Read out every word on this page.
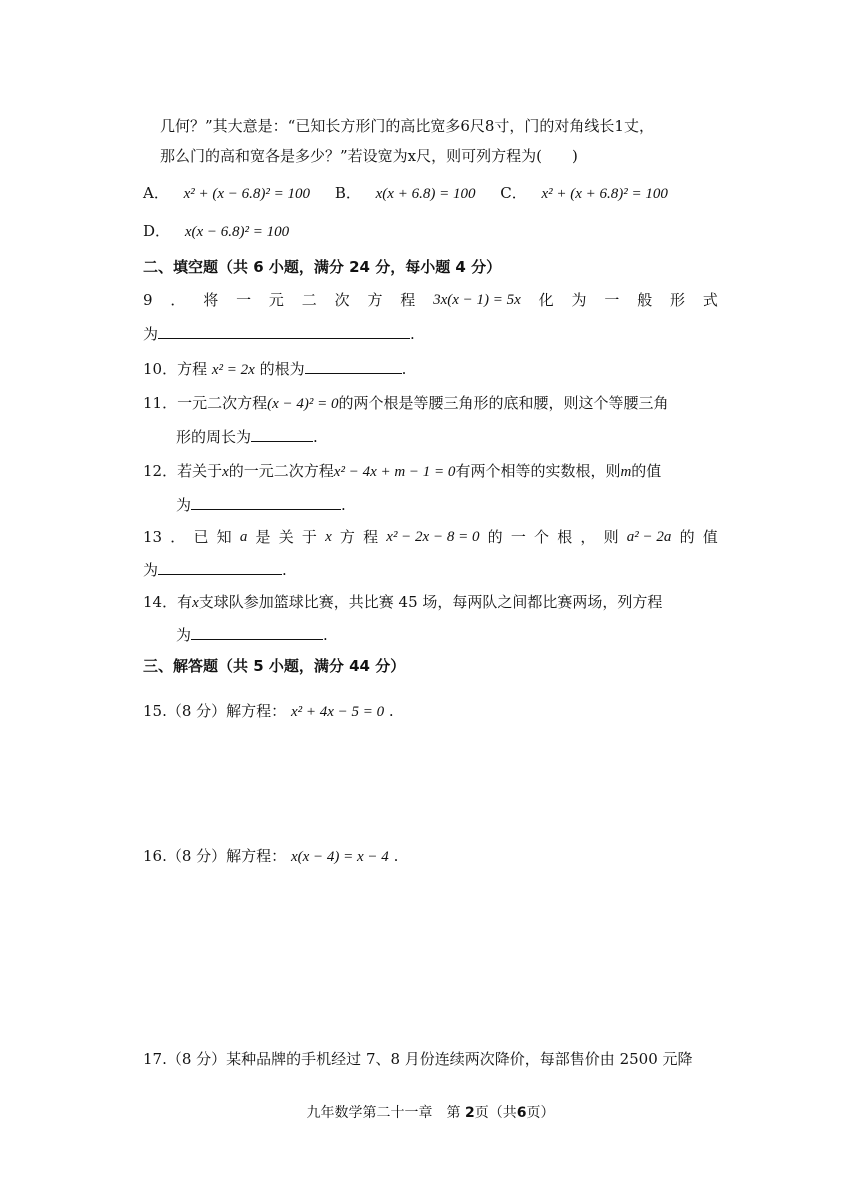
几何？”其大意是：“已知长方形门的高比宽多6尺8寸，门的对角线长1丈，
那么门的高和宽各是多少？”若设宽为x尺，则可列方程为(　　)
A． x² + (x − 6.8)² = 100 B． x(x + 6.8) = 100 C． x² + (x + 6.8)² = 100
D． x(x − 6.8)² = 100
二、填空题（共 6 小题，满分 24 分，每小题 4 分）
9 ． 将 一 元 二 次 方 程 3x(x − 1) = 5x 化 为 一 般 形 式
为	.
10．方程 x² = 2x 的根为	.
11．一元二次方程(x − 4)² = 0的两个根是等腰三角形的底和腰，则这个等腰三角
形的周长为	.
12．若关于x的一元二次方程x² − 4x + m − 1 = 0有两个相等的实数根，则m的值
为	.
13 ． 已 知 a 是 关 于 x 方 程 x² − 2x − 8 = 0 的 一 个 根 ， 则 a² − 2a 的 值
为	.
14．有x支球队参加篮球比赛，共比赛 45 场，每两队之间都比赛两场，列方程
为	.
三、解答题（共 5 小题，满分 44 分）
15.（8 分）解方程： x² + 4x − 5 = 0 .
16.（8 分）解方程： x(x − 4) = x − 4 .
17.（8 分）某种品牌的手机经过 7、8 月份连续两次降价，每部售价由 2500 元降
九年数学第二十一章　第 2页（共6页）
